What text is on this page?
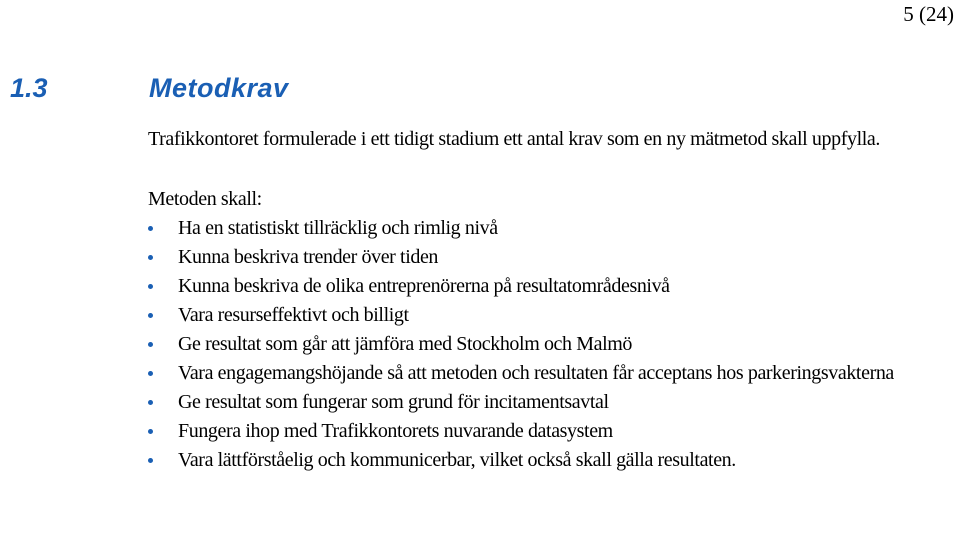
5 (24)
1.3	Metodkrav

Trafikkontoret formulerade i ett tidigt stadium ett antal krav som en ny mätmetod skall uppfylla.

Metoden skall:

Ha en statistiskt tillräcklig och rimlig nivå
Kunna beskriva trender över tiden
Kunna beskriva de olika entreprenörerna på resultatområdesnivå
Vara resurseffektivt och billigt
Ge resultat som går att jämföra med Stockholm och Malmö
Vara engagemangshöjande så att metoden och resultaten får acceptans hos parkeringsvakterna
Ge resultat som fungerar som grund för incitamentsavtal
Fungera ihop med Trafikkontorets nuvarande datasystem
Vara lättförståelig och kommunicerbar, vilket också skall gälla resultaten.
